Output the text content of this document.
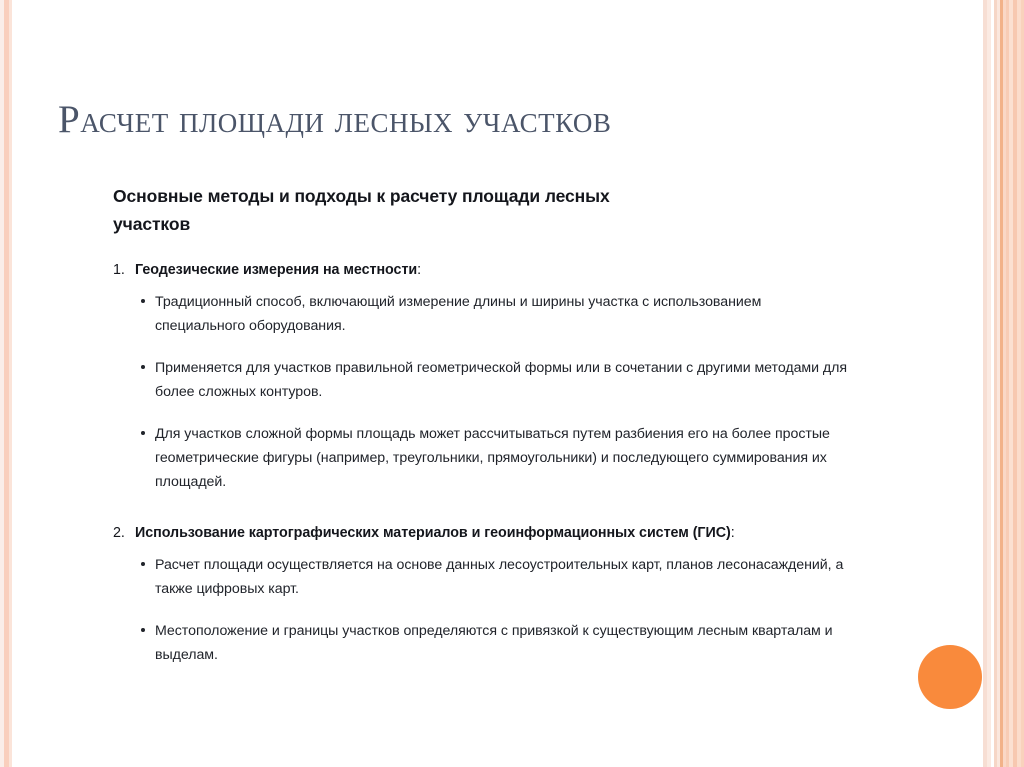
Расчет площади лесных участков
Основные методы и подходы к расчету площади лесных участков
1. Геодезические измерения на местности:
Традиционный способ, включающий измерение длины и ширины участка с использованием специального оборудования.
Применяется для участков правильной геометрической формы или в сочетании с другими методами для более сложных контуров.
Для участков сложной формы площадь может рассчитываться путем разбиения его на более простые геометрические фигуры (например, треугольники, прямоугольники) и последующего суммирования их площадей.
2. Использование картографических материалов и геоинформационных систем (ГИС):
Расчет площади осуществляется на основе данных лесоустроительных карт, планов лесонасаждений, а также цифровых карт.
Местоположение и границы участков определяются с привязкой к существующим лесным кварталам и выделам.
